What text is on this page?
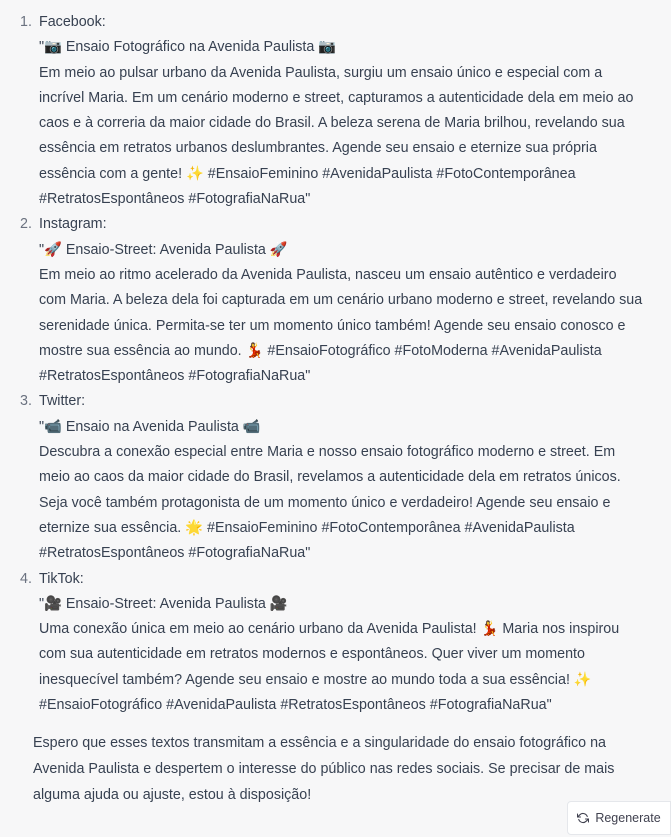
1. Facebook:

"📷 Ensaio Fotográfico na Avenida Paulista 📷

Em meio ao pulsar urbano da Avenida Paulista, surgiu um ensaio único e especial com a incrível Maria. Em um cenário moderno e street, capturamos a autenticidade dela em meio ao caos e à correria da maior cidade do Brasil. A beleza serena de Maria brilhou, revelando sua essência em retratos urbanos deslumbrantes. Agende seu ensaio e eternize sua própria essência com a gente! ✨ #EnsaioFeminino #AvenidaPaulista #FotoContemporânea #RetratosEspontâneos #FotografiaNaRua"

2. Instagram:

"🚀 Ensaio-Street: Avenida Paulista 🚀

Em meio ao ritmo acelerado da Avenida Paulista, nasceu um ensaio autêntico e verdadeiro com Maria. A beleza dela foi capturada em um cenário urbano moderno e street, revelando sua serenidade única. Permita-se ter um momento único também! Agende seu ensaio conosco e mostre sua essência ao mundo. 💃 #EnsaioFotográfico #FotoModerna #AvenidaPaulista #RetratosEspontâneos #FotografiaNaRua"

3. Twitter:

"📹 Ensaio na Avenida Paulista 📹

Descubra a conexão especial entre Maria e nosso ensaio fotográfico moderno e street. Em meio ao caos da maior cidade do Brasil, revelamos a autenticidade dela em retratos únicos. Seja você também protagonista de um momento único e verdadeiro! Agende seu ensaio e eternize sua essência. 🌟 #EnsaioFeminino #FotoContemporânea #AvenidaPaulista #RetratosEspontâneos #FotografiaNaRua"

4. TikTok:

"🎥 Ensaio-Street: Avenida Paulista 🎥

Uma conexão única em meio ao cenário urbano da Avenida Paulista! 💃 Maria nos inspirou com sua autenticidade em retratos modernos e espontâneos. Quer viver um momento inesquecível também? Agende seu ensaio e mostre ao mundo toda a sua essência! ✨ #EnsaioFotográfico #AvenidaPaulista #RetratosEspontâneos #FotografiaNaRua"

Espero que esses textos transmitam a essência e a singularidade do ensaio fotográfico na Avenida Paulista e despertem o interesse do público nas redes sociais. Se precisar de mais alguma ajuda ou ajuste, estou à disposição!

Regenerate
